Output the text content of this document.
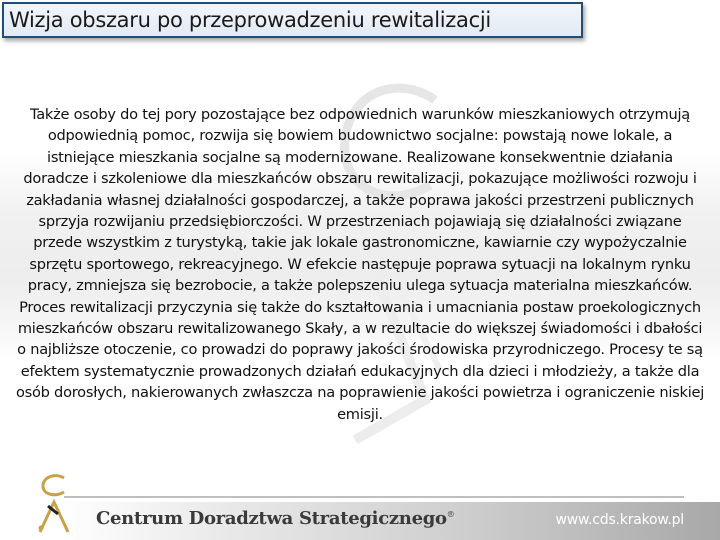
Wizja obszaru po przeprowadzeniu rewitalizacji

Także osoby do tej pory pozostające bez odpowiednich warunków mieszkaniowych otrzymują odpowiednią pomoc, rozwija się bowiem budownictwo socjalne: powstają nowe lokale, a istniejące mieszkania socjalne są modernizowane. Realizowane konsekwentnie działania doradcze i szkoleniowe dla mieszkańców obszaru rewitalizacji, pokazujące możliwości rozwoju i zakładania własnej działalności gospodarczej, a także poprawa jakości przestrzeni publicznych sprzyja rozwijaniu przedsiębiorczości. W przestrzeniach pojawiają się działalności związane przede wszystkim z turystyką, takie jak lokale gastronomiczne, kawiarnie czy wypożyczalnie sprzętu sportowego, rekreacyjnego. W efekcie następuje poprawa sytuacji na lokalnym rynku pracy, zmniejsza się bezrobocie, a także polepszeniu ulega sytuacja materialna mieszkańców. Proces rewitalizacji przyczynia się także do kształtowania i umacniania postaw proekologicznych mieszkańców obszaru rewitalizowanego Skały, a w rezultacie do większej świadomości i dbałości o najbliższe otoczenie, co prowadzi do poprawy jakości środowiska przyrodniczego. Procesy te są efektem systematycznie prowadzonych działań edukacyjnych dla dzieci i młodzieży, a także dla osób dorosłych, nakierowanych zwłaszcza na poprawienie jakości powietrza i ograniczenie niskiej emisji.

Centrum Doradztwa Strategicznego®	www.cds.krakow.pl
